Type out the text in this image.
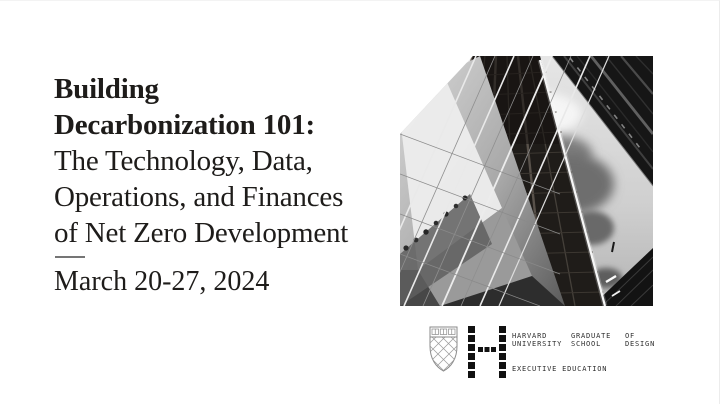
Building
Decarbonization 101:
The Technology, Data,
Operations, and Finances
of Net Zero Development
March 20-27, 2024
HARVARD
UNIVERSITY
GRADUATE
SCHOOL
OF
DESIGN
EXECUTIVE EDUCATION
